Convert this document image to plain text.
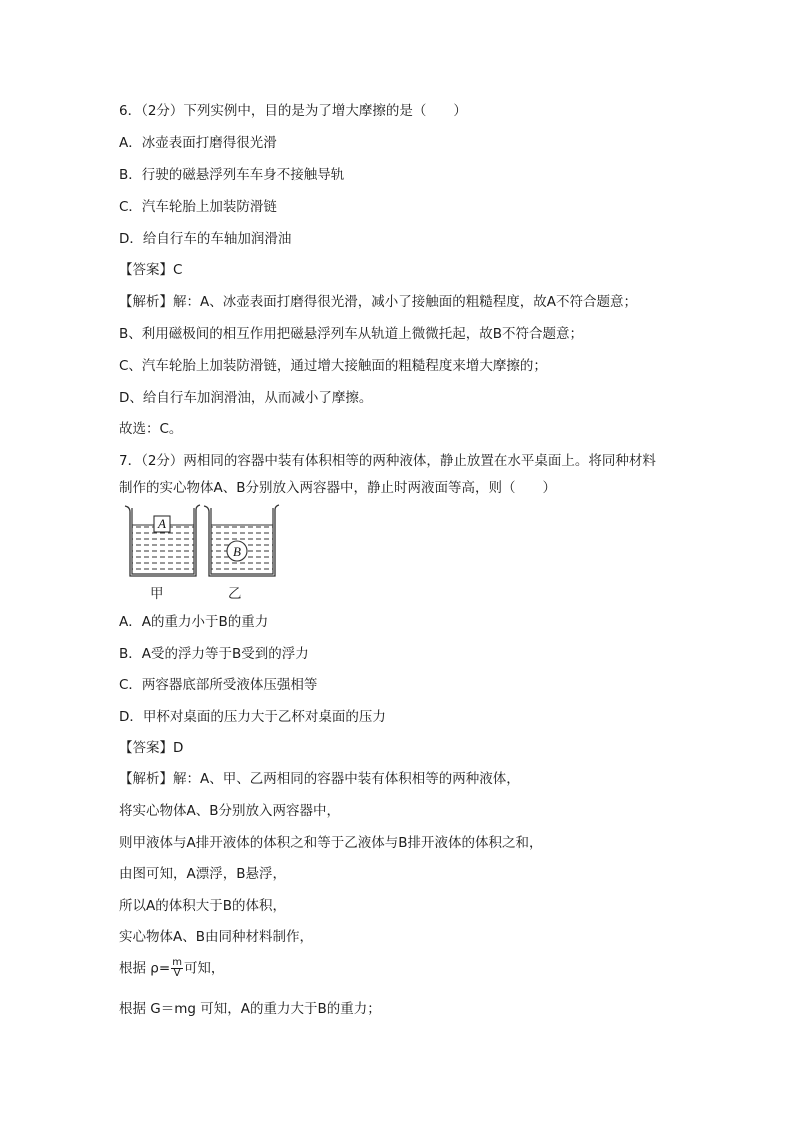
6．（2分）下列实例中，目的是为了增大摩擦的是（　　）
A．冰壶表面打磨得很光滑
B．行驶的磁悬浮列车车身不接触导轨
C．汽车轮胎上加装防滑链
D．给自行车的车轴加润滑油
【答案】C
【解析】解：A、冰壶表面打磨得很光滑，减小了接触面的粗糙程度，故A不符合题意；
B、利用磁极间的相互作用把磁悬浮列车从轨道上微微托起，故B不符合题意；
C、汽车轮胎上加装防滑链，通过增大接触面的粗糙程度来增大摩擦的；
D、给自行车加润滑油，从而减小了摩擦。
故选：C。
7．（2分）两相同的容器中装有体积相等的两种液体，静止放置在水平桌面上。将同种材料
制作的实心物体A、B分别放入两容器中，静止时两液面等高，则（　　）
A
B
甲	乙
A．A的重力小于B的重力
B．A受的浮力等于B受到的浮力
C．两容器底部所受液体压强相等
D．甲杯对桌面的压力大于乙杯对桌面的压力
【答案】D
【解析】解：A、甲、乙两相同的容器中装有体积相等的两种液体，
将实心物体A、B分别放入两容器中，
则甲液体与A排开液体的体积之和等于乙液体与B排开液体的体积之和，
由图可知，A漂浮，B悬浮，
所以A的体积大于B的体积，
实心物体A、B由同种材料制作，
根据 $\rho= \frac{m}{V}$ 可知，
根据 G＝mg 可知，A的重力大于B的重力；
